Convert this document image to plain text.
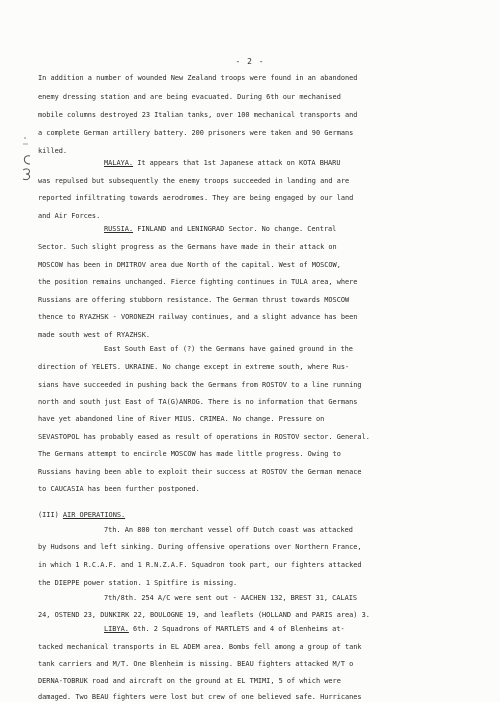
- 2 -
In addition a number of wounded New Zealand troops were found in an abandoned
enemy dressing station and are being evacuated. During 6th our mechanised
mobile columns destroyed 23 Italian tanks, over 100 mechanical transports and
a complete German artillery battery. 200 prisoners were taken and 90 Germans
killed.
MALAYA. It appears that 1st Japanese attack on KOTA BHARU
was repulsed but subsequently the enemy troops succeeded in landing and are
reported infiltrating towards aerodromes. They are being engaged by our land
and Air Forces.
RUSSIA. FINLAND and LENINGRAD Sector. No change. Central
Sector. Such slight progress as the Germans have made in their attack on
MOSCOW has been in DMITROV area due North of the capital. West of MOSCOW,
the position remains unchanged. Fierce fighting continues in TULA area, where
Russians are offering stubborn resistance. The German thrust towards MOSCOW
thence to RYAZHSK - VORONEZH railway continues, and a slight advance has been
made south west of RYAZHSK.
East South East of (?) the Germans have gained ground in the
direction of YELETS. UKRAINE. No change except in extreme south, where Rus-
sians have succeeded in pushing back the Germans from ROSTOV to a line running
north and south just East of TA(G)ANROG. There is no information that Germans
have yet abandoned line of River MIUS. CRIMEA. No change. Pressure on
SEVASTOPOL has probably eased as result of operations in ROSTOV sector. General.
The Germans attempt to encircle MOSCOW has made little progress. Owing to
Russians having been able to exploit their success at ROSTOV the German menace
to CAUCASIA has been further postponed.
(III) AIR OPERATIONS.
7th. An 800 ton merchant vessel off Dutch coast was attacked
by Hudsons and left sinking. During offensive operations over Northern France,
in which 1 R.C.A.F. and 1 R.N.Z.A.F. Squadron took part, our fighters attacked
the DIEPPE power station. 1 Spitfire is missing.
7th/8th. 254 A/C were sent out - AACHEN 132, BREST 31, CALAIS
24, OSTEND 23, DUNKIRK 22, BOULOGNE 19, and leaflets (HOLLAND and PARIS area) 3.
LIBYA. 6th. 2 Squadrons of MARTLETS and 4 of Blenheims at-
tacked mechanical transports in EL ADEM area. Bombs fell among a group of tank
tank carriers and M/T. One Blenheim is missing. BEAU fighters attacked M/T o
DERNA-TOBRUK road and aircraft on the ground at EL TMIMI, 5 of which were
damaged. Two BEAU fighters were lost but crew of one believed safe. Hurricanes
